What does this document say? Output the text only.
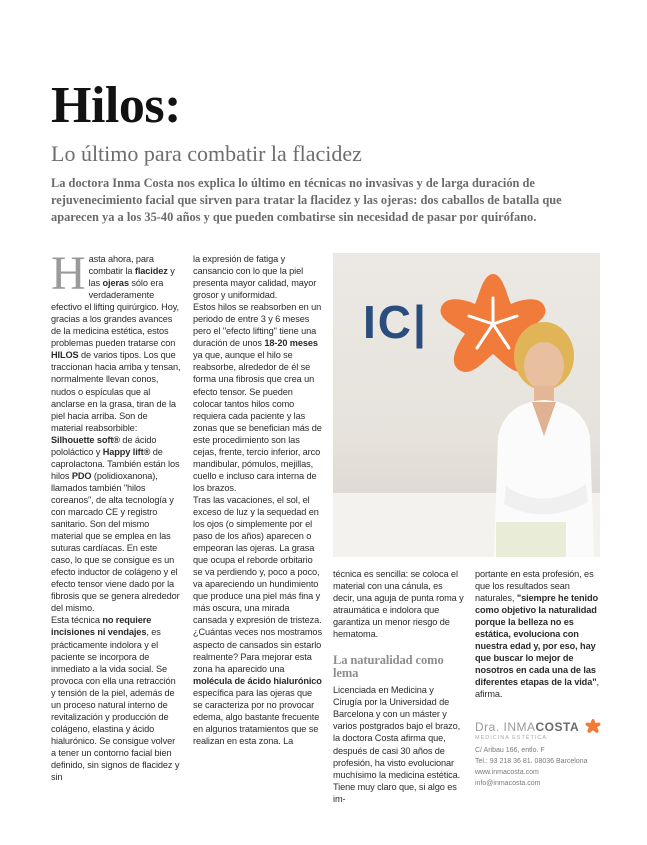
Hilos:
Lo último para combatir la flacidez
La doctora Inma Costa nos explica lo último en técnicas no invasivas y de larga duración de rejuvenecimiento facial que sirven para tratar la flacidez y las ojeras: dos caballos de batalla que aparecen ya a los 35-40 años y que pueden combatirse sin necesidad de pasar por quirófano.

Hasta ahora, para combatir la flacidez y las ojeras sólo era verdaderamente efectivo el lifting quirúrgico. Hoy, gracias a los grandes avances de la medicina estética, estos problemas pueden tratarse con HILOS de varios tipos. Los que traccionan hacia arriba y tensan, normalmente llevan conos, nudos o espículas que al anclarse en la grasa, tiran de la piel hacia arriba. Son de material reabsorbible: Silhouette soft® de ácido pololáctico y Happy lift® de caprolactona. También están los hilos PDO (polidioxanona), llamados también "hilos coreanos", de alta tecnología y con marcado CE y registro sanitario. Son del mismo material que se emplea en las suturas cardíacas. En este caso, lo que se consigue es un efecto inductor de colágeno y el efecto tensor viene dado por la fibrosis que se genera alrededor del mismo.

Esta técnica no requiere incisiones ni vendajes, es prácticamente indolora y el paciente se incorpora de inmediato a la vida social. Se provoca con ella una retracción y tensión de la piel, además de un proceso natural interno de revitalización y producción de colágeno, elastina y ácido hialurónico. Se consigue volver a tener un contorno facial bien definido, sin signos de flacidez y sin

la expresión de fatiga y cansancio con lo que la piel presenta mayor calidad, mayor grosor y uniformidad.

Estos hilos se reabsorben en un periodo de entre 3 y 6 meses pero el "efecto lifting" tiene una duración de unos 18-20 meses ya que, aunque el hilo se reabsorbe, alrededor de él se forma una fibrosis que crea un efecto tensor. Se pueden colocar tantos hilos como requiera cada paciente y las zonas que se benefician más de este procedimiento son las cejas, frente, tercio inferior, arco mandibular, pómulos, mejillas, cuello e incluso cara interna de los brazos.

Tras las vacaciones, el sol, el exceso de luz y la sequedad en los ojos (o simplemente por el paso de los años) aparecen o empeoran las ojeras. La grasa que ocupa el reborde orbitario se va perdiendo y, poco a poco, va apareciendo un hundimiento que produce una piel más fina y más oscura, una mirada cansada y expresión de tristeza. ¿Cuántas veces nos mostramos aspecto de cansados sin estarlo realmente? Para mejorar esta zona ha aparecido una molécula de ácido hialurónico específica para las ojeras que se caracteriza por no provocar edema, algo bastante frecuente en algunos tratamientos que se realizan en esta zona. La

IC|

técnica es sencilla: se coloca el material con una cánula, es decir, una aguja de punta roma y atraumática e indolora que garantiza un menor riesgo de hematoma.

La naturalidad como lema

Licenciada en Medicina y Cirugía por la Universidad de Barcelona y con un máster y varios postgrados bajo el brazo, la doctora Costa afirma que, después de casi 30 años de profesión, ha visto evolucionar muchísimo la medicina estética. Tiene muy claro que, si algo es im-

portante en esta profesión, es que los resultados sean naturales, "siempre he tenido como objetivo la naturalidad porque la belleza no es estática, evoluciona con nuestra edad y, por eso, hay que buscar lo mejor de nosotros en cada una de las diferentes etapas de la vida", afirma.

Dra. INMACOSTA
MEDICINA ESTÉTICA
C/ Aribau 166, entlo. F
Tel.: 93 218 36 81. 08036 Barcelona
www.inmacosta.com
info@inmacosta.com
